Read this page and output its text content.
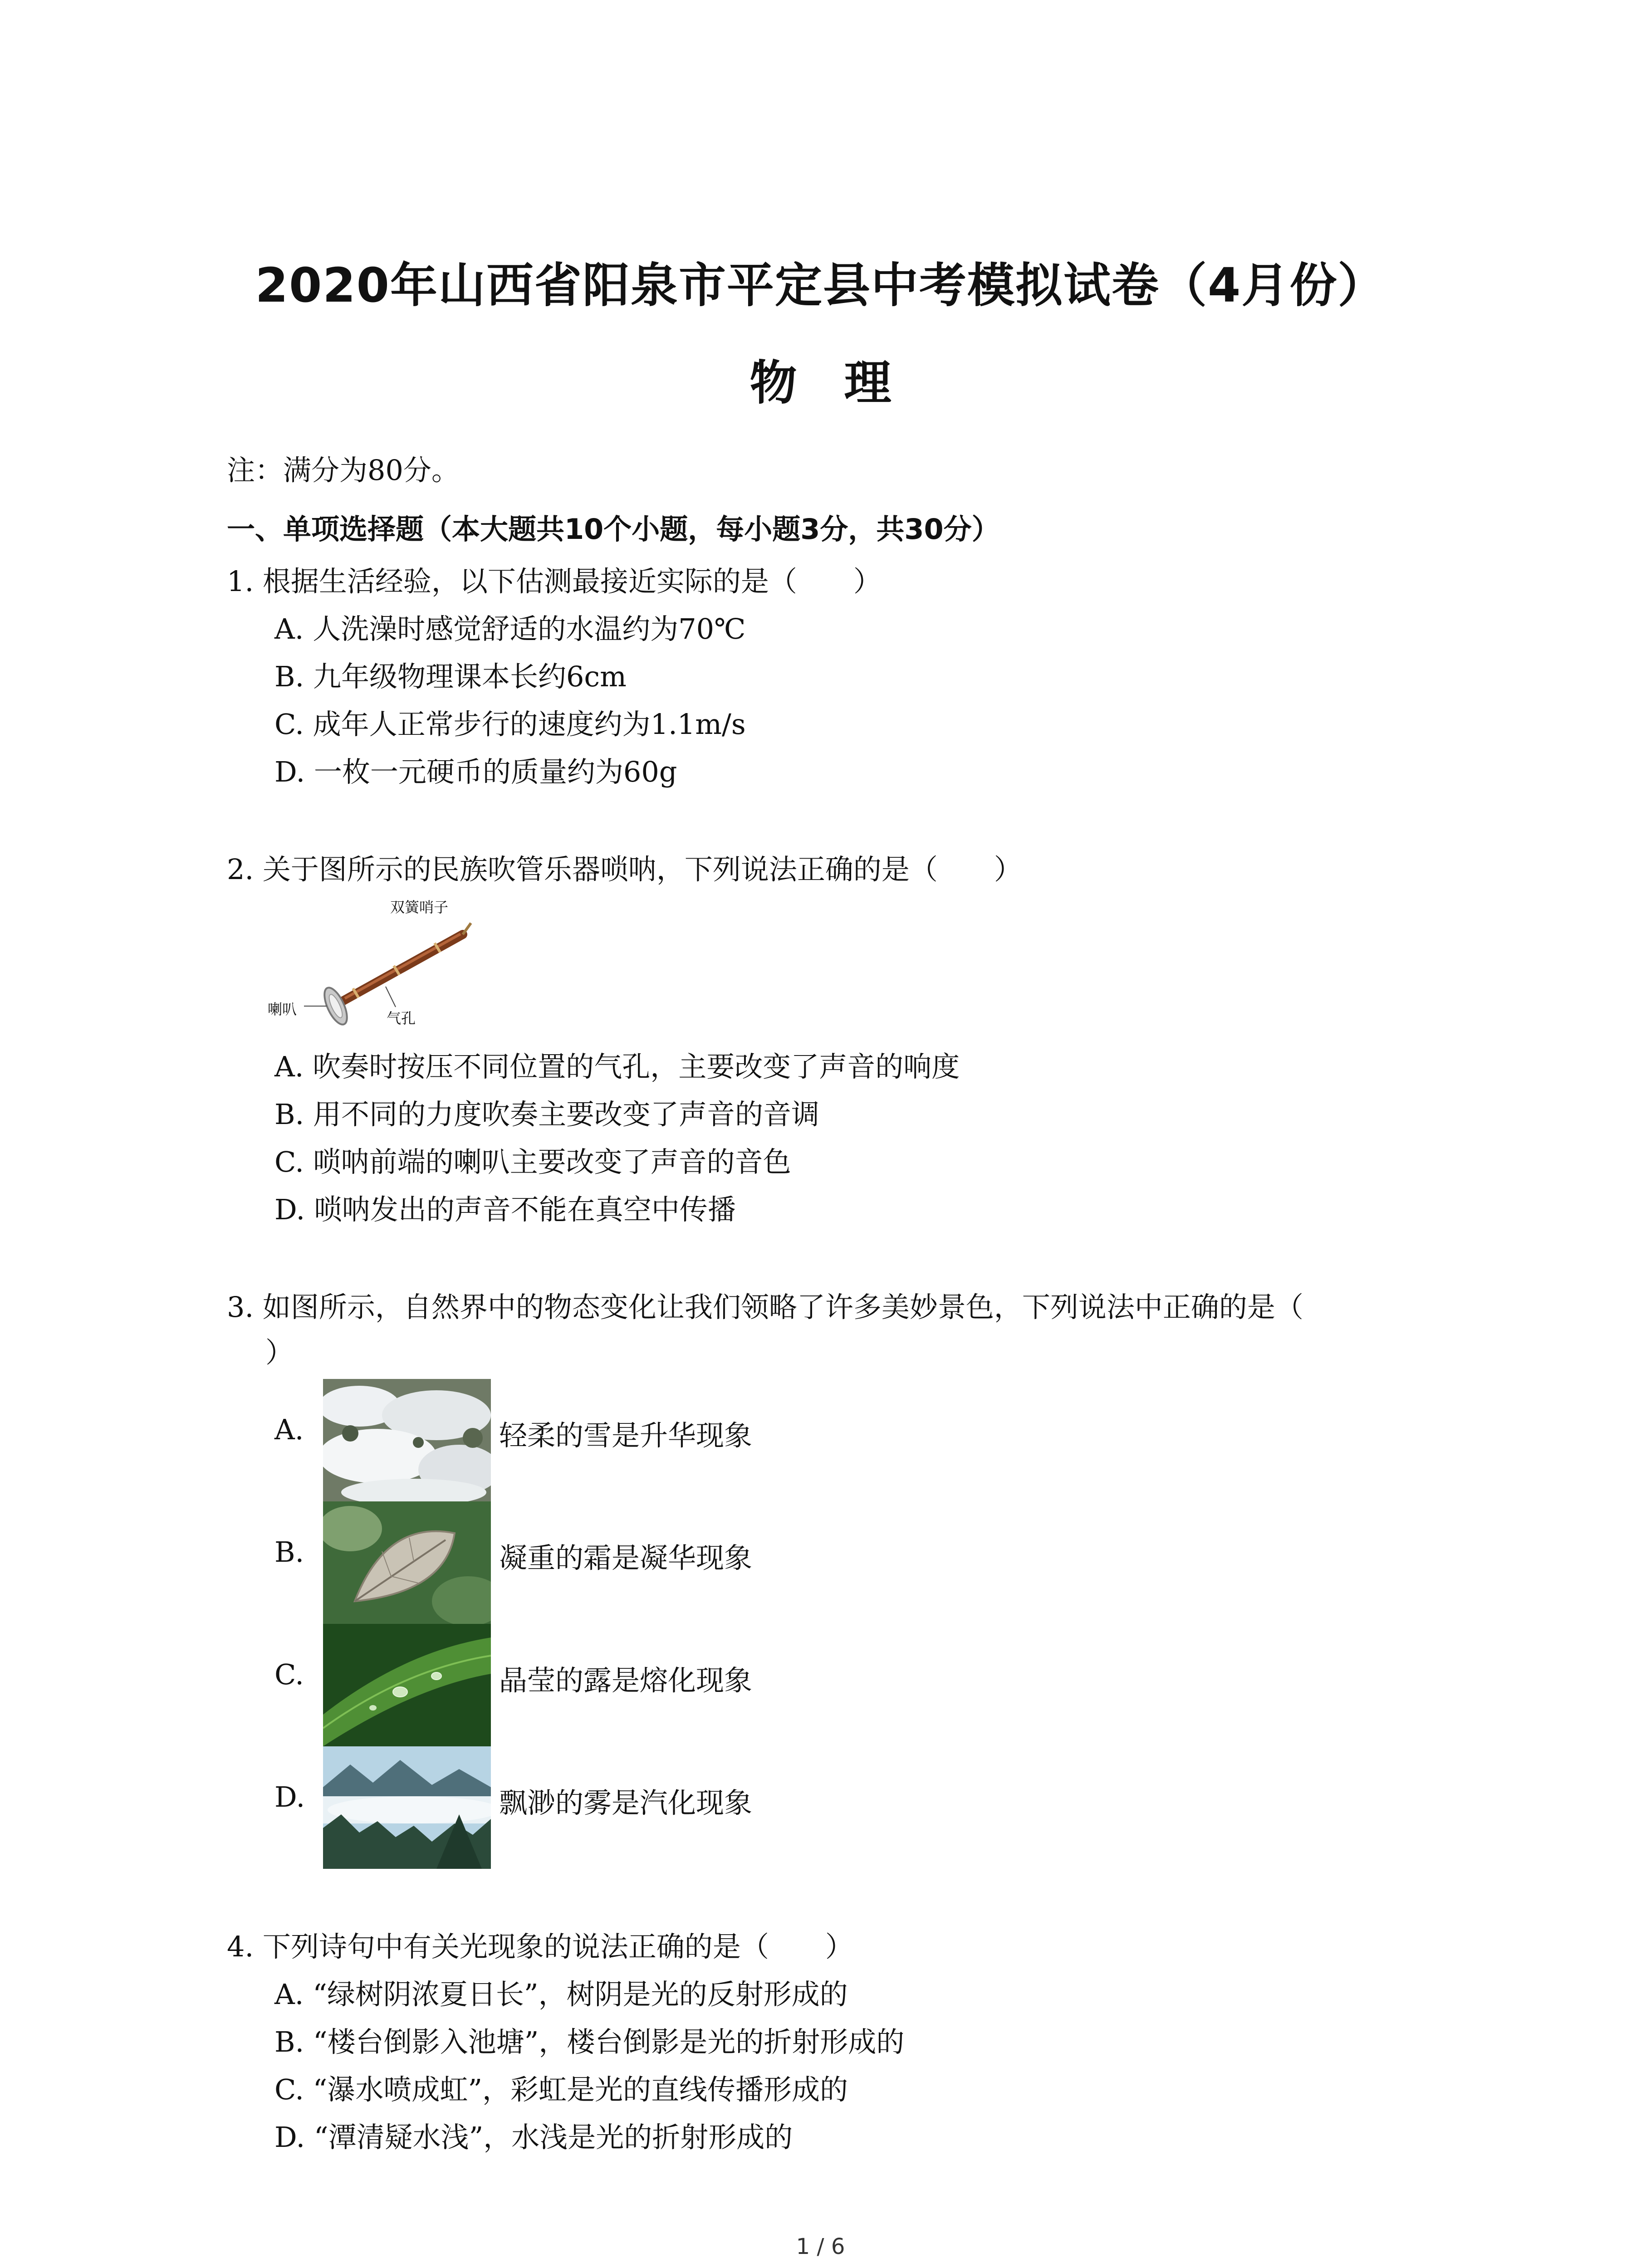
2020年山西省阳泉市平定县中考模拟试卷（4月份）
物　理
注：满分为80分。
一、单项选择题（本大题共10个小题，每小题3分，共30分）
1. 根据生活经验，以下估测最接近实际的是（　　）
A. 人洗澡时感觉舒适的水温约为70℃
B. 九年级物理课本长约6cm
C. 成年人正常步行的速度约为1.1m/s
D. 一枚一元硬币的质量约为60g
2. 关于图所示的民族吹管乐器唢呐，下列说法正确的是（　　）
双簧哨子
喇叭
气孔
A. 吹奏时按压不同位置的气孔，主要改变了声音的响度
B. 用不同的力度吹奏主要改变了声音的音调
C. 唢呐前端的喇叭主要改变了声音的音色
D. 唢呐发出的声音不能在真空中传播
3. 如图所示，自然界中的物态变化让我们领略了许多美妙景色，下列说法中正确的是（
）
A.	轻柔的雪是升华现象
B.	凝重的霜是凝华现象
C.	晶莹的露是熔化现象
D.	飘渺的雾是汽化现象
4. 下列诗句中有关光现象的说法正确的是（　　）
A. “绿树阴浓夏日长”，树阴是光的反射形成的
B. “楼台倒影入池塘”，楼台倒影是光的折射形成的
C. “瀑水喷成虹”，彩虹是光的直线传播形成的
D. “潭清疑水浅”，水浅是光的折射形成的
1 / 6
